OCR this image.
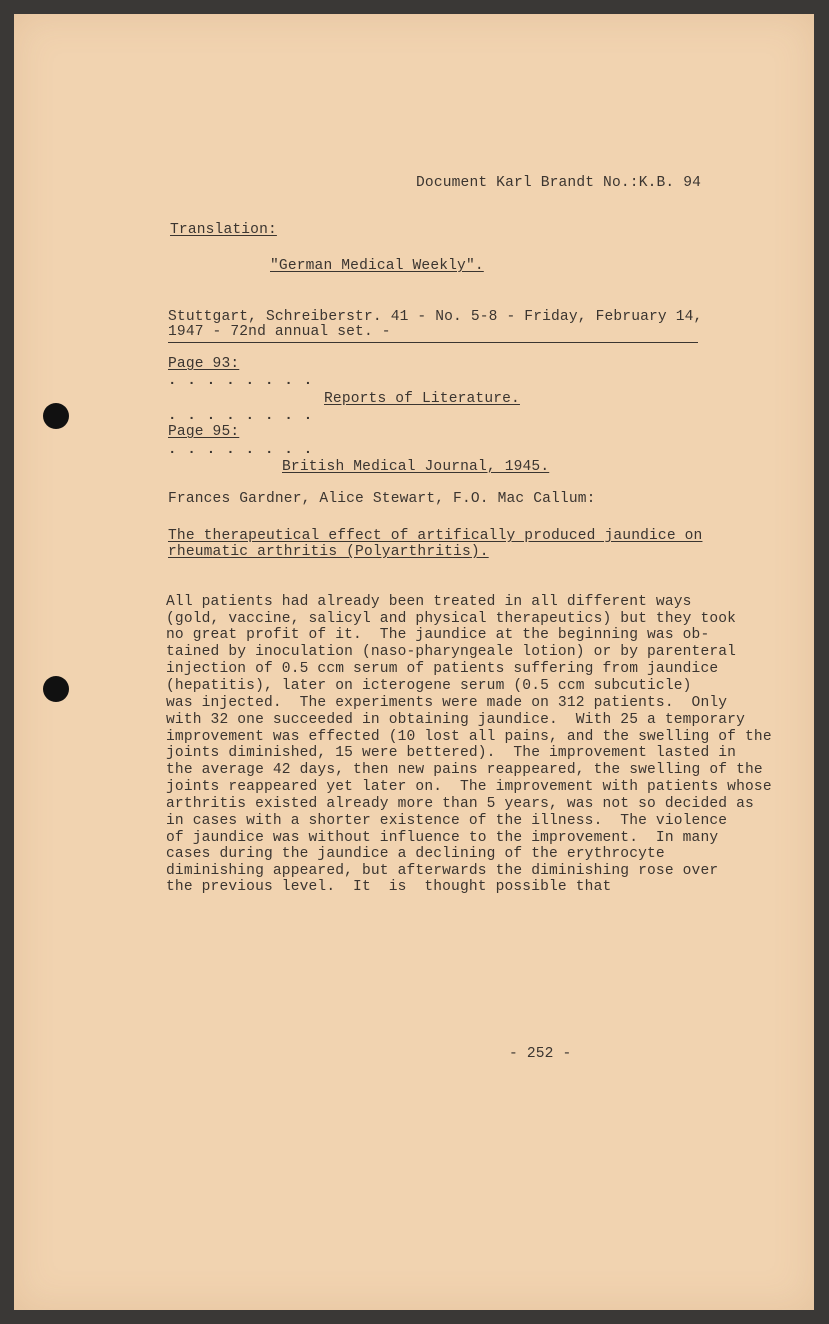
Document Karl Brandt No.:K.B. 94
Translation:
"German Medical Weekly".
Stuttgart, Schreiberstr. 41 - No. 5-8 - Friday, February 14,
1947 - 72nd annual set. -
Page 93:
........
Reports of Literature.
........
Page 95:
........
British Medical Journal, 1945.
Frances Gardner, Alice Stewart, F.O. Mac Callum:
The therapeutical effect of artifically produced jaundice on
rheumatic arthritis (Polyarthritis).
All patients had already been treated in all different ways
(gold, vaccine, salicyl and physical therapeutics) but they took
no great profit of it.  The jaundice at the beginning was ob-
tained by inoculation (naso-pharyngeale lotion) or by parenteral
injection of 0.5 ccm serum of patients suffering from jaundice
(hepatitis), later on icterogene serum (0.5 ccm subcuticle)
was injected.  The experiments were made on 312 patients.  Only
with 32 one succeeded in obtaining jaundice.  With 25 a temporary
improvement was effected (10 lost all pains, and the swelling of the
joints diminished, 15 were bettered).  The improvement lasted in
the average 42 days, then new pains reappeared, the swelling of the
joints reappeared yet later on.  The improvement with patients whose
arthritis existed already more than 5 years, was not so decided as
in cases with a shorter existence of the illness.  The violence
of jaundice was without influence to the improvement.  In many
cases during the jaundice a declining of the erythrocyte
diminishing appeared, but afterwards the diminishing rose over
the previous level.  It  is  thought possible that
- 252 -
